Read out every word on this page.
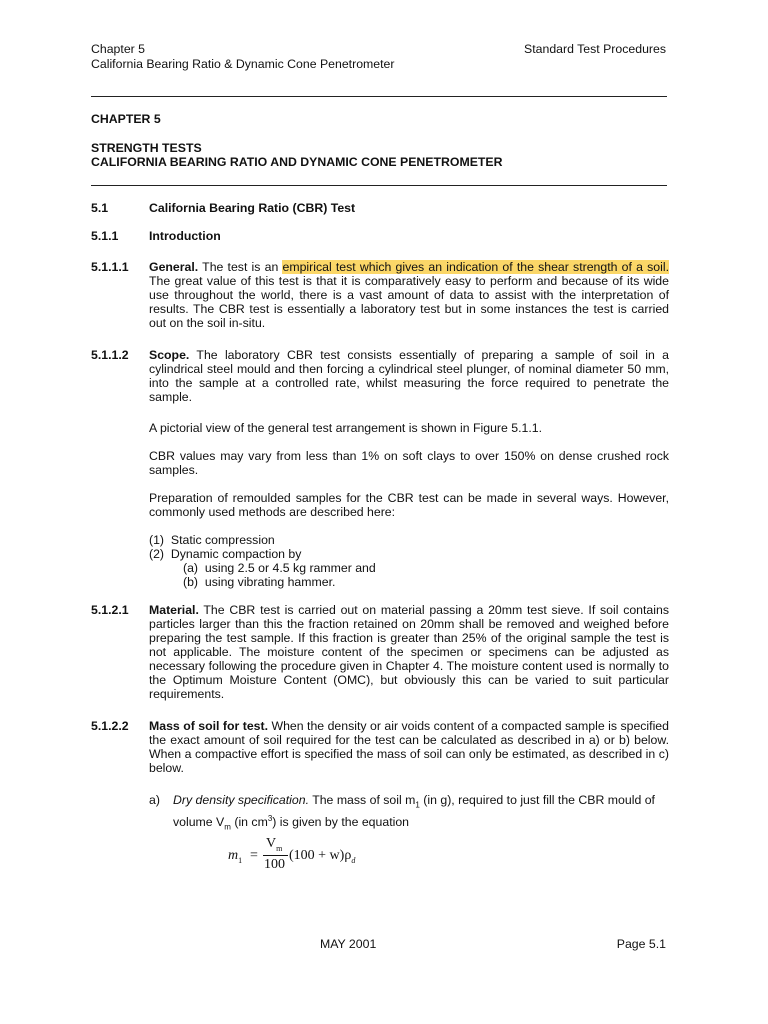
Chapter 5
California Bearing Ratio & Dynamic Cone Penetrometer
Standard Test Procedures
CHAPTER 5
STRENGTH TESTS
CALIFORNIA BEARING RATIO AND DYNAMIC CONE PENETROMETER
5.1	California Bearing Ratio (CBR) Test
5.1.1 Introduction
5.1.1.1 General. The test is an empirical test which gives an indication of the shear strength of a soil. The great value of this test is that it is comparatively easy to perform and because of its wide use throughout the world, there is a vast amount of data to assist with the interpretation of results. The CBR test is essentially a laboratory test but in some instances the test is carried out on the soil in-situ.
5.1.1.2 Scope. The laboratory CBR test consists essentially of preparing a sample of soil in a cylindrical steel mould and then forcing a cylindrical steel plunger, of nominal diameter 50 mm, into the sample at a controlled rate, whilst measuring the force required to penetrate the sample.
A pictorial view of the general test arrangement is shown in Figure 5.1.1.
CBR values may vary from less than 1% on soft clays to over 150% on dense crushed rock samples.
Preparation of remoulded samples for the CBR test can be made in several ways. However, commonly used methods are described here:
(1)  Static compression
(2)  Dynamic compaction by
(a)  using 2.5 or 4.5 kg rammer and
(b)  using vibrating hammer.
5.1.2.1 Material. The CBR test is carried out on material passing a 20mm test sieve. If soil contains particles larger than this the fraction retained on 20mm shall be removed and weighed before preparing the test sample. If this fraction is greater than 25% of the original sample the test is not applicable. The moisture content of the specimen or specimens can be adjusted as necessary following the procedure given in Chapter 4. The moisture content used is normally to the Optimum Moisture Content (OMC), but obviously this can be varied to suit particular requirements.
5.1.2.2 Mass of soil for test. When the density or air voids content of a compacted sample is specified the exact amount of soil required for the test can be calculated as described in a) or b) below. When a compactive effort is specified the mass of soil can only be estimated, as described in c) below.
a) Dry density specification. The mass of soil $m_1$ (in g), required to just fill the CBR mould of volume $V_m$ (in $cm^3$) is given by the equation
$m_1$ =
$V_m$
100
$(100 + w)\rho_d$
MAY 2001	Page 5.1
